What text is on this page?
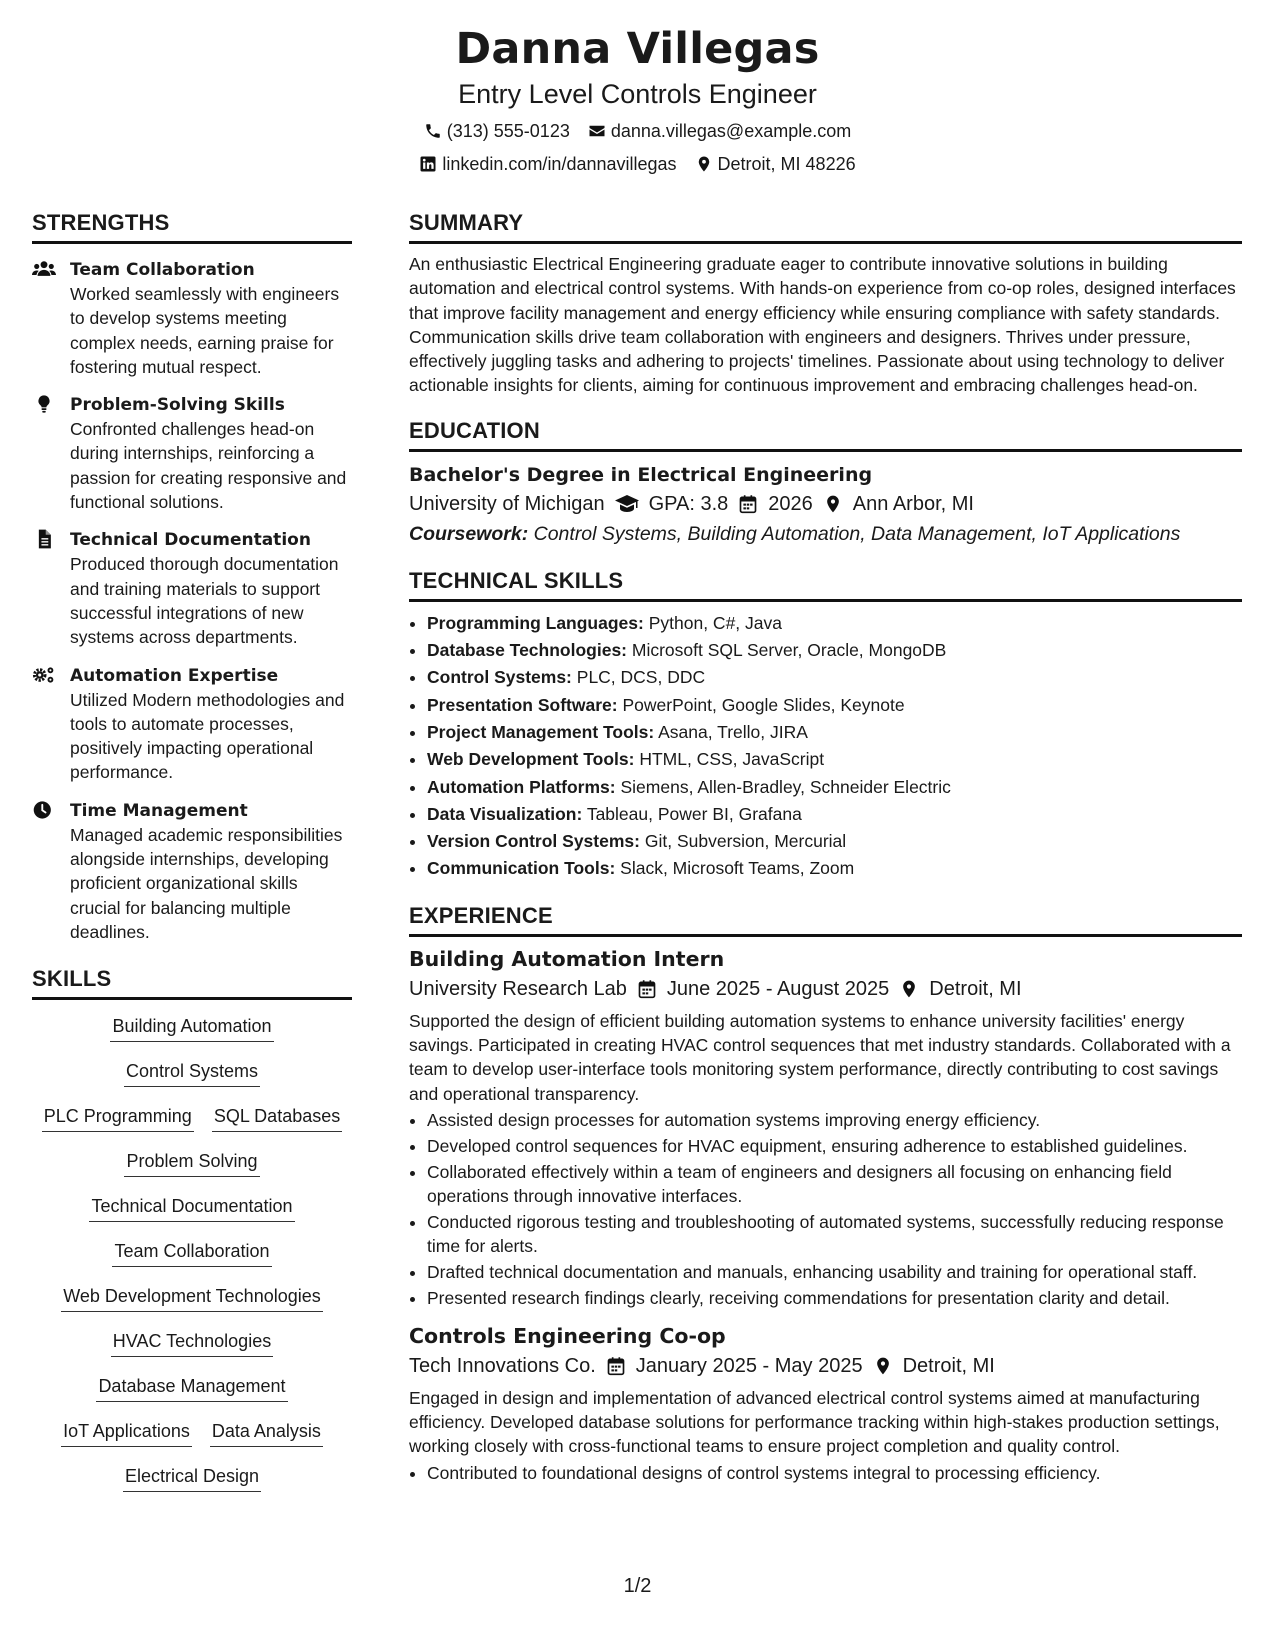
Danna Villegas
Entry Level Controls Engineer
(313) 555-0123 danna.villegas@example.com
linkedin.com/in/dannavillegas Detroit, MI 48226
STRENGTHS
Team Collaboration
Worked seamlessly with engineers to develop systems meeting complex needs, earning praise for fostering mutual respect.
Problem-Solving Skills
Confronted challenges head-on during internships, reinforcing a passion for creating responsive and functional solutions.
Technical Documentation
Produced thorough documentation and training materials to support successful integrations of new systems across departments.
Automation Expertise
Utilized Modern methodologies and tools to automate processes, positively impacting operational performance.
Time Management
Managed academic responsibilities alongside internships, developing proficient organizational skills crucial for balancing multiple deadlines.
SKILLS
Building Automation
Control Systems
PLC Programming SQL Databases
Problem Solving
Technical Documentation
Team Collaboration
Web Development Technologies
HVAC Technologies
Database Management
IoT Applications Data Analysis
Electrical Design
SUMMARY
An enthusiastic Electrical Engineering graduate eager to contribute innovative solutions in building automation and electrical control systems. With hands-on experience from co-op roles, designed interfaces that improve facility management and energy efficiency while ensuring compliance with safety standards. Communication skills drive team collaboration with engineers and designers. Thrives under pressure, effectively juggling tasks and adhering to projects' timelines. Passionate about using technology to deliver actionable insights for clients, aiming for continuous improvement and embracing challenges head-on.
EDUCATION
Bachelor's Degree in Electrical Engineering
University of Michigan GPA: 3.8 2026 Ann Arbor, MI
Coursework: Control Systems, Building Automation, Data Management, IoT Applications
TECHNICAL SKILLS
• Programming Languages: Python, C#, Java
• Database Technologies: Microsoft SQL Server, Oracle, MongoDB
• Control Systems: PLC, DCS, DDC
• Presentation Software: PowerPoint, Google Slides, Keynote
• Project Management Tools: Asana, Trello, JIRA
• Web Development Tools: HTML, CSS, JavaScript
• Automation Platforms: Siemens, Allen-Bradley, Schneider Electric
• Data Visualization: Tableau, Power BI, Grafana
• Version Control Systems: Git, Subversion, Mercurial
• Communication Tools: Slack, Microsoft Teams, Zoom
EXPERIENCE
Building Automation Intern
University Research Lab June 2025 - August 2025 Detroit, MI
Supported the design of efficient building automation systems to enhance university facilities' energy savings. Participated in creating HVAC control sequences that met industry standards. Collaborated with a team to develop user-interface tools monitoring system performance, directly contributing to cost savings and operational transparency.
• Assisted design processes for automation systems improving energy efficiency.
• Developed control sequences for HVAC equipment, ensuring adherence to established guidelines.
• Collaborated effectively within a team of engineers and designers all focusing on enhancing field operations through innovative interfaces.
• Conducted rigorous testing and troubleshooting of automated systems, successfully reducing response time for alerts.
• Drafted technical documentation and manuals, enhancing usability and training for operational staff.
• Presented research findings clearly, receiving commendations for presentation clarity and detail.
Controls Engineering Co-op
Tech Innovations Co. January 2025 - May 2025 Detroit, MI
Engaged in design and implementation of advanced electrical control systems aimed at manufacturing efficiency. Developed database solutions for performance tracking within high-stakes production settings, working closely with cross-functional teams to ensure project completion and quality control.
• Contributed to foundational designs of control systems integral to processing efficiency.
1/2
